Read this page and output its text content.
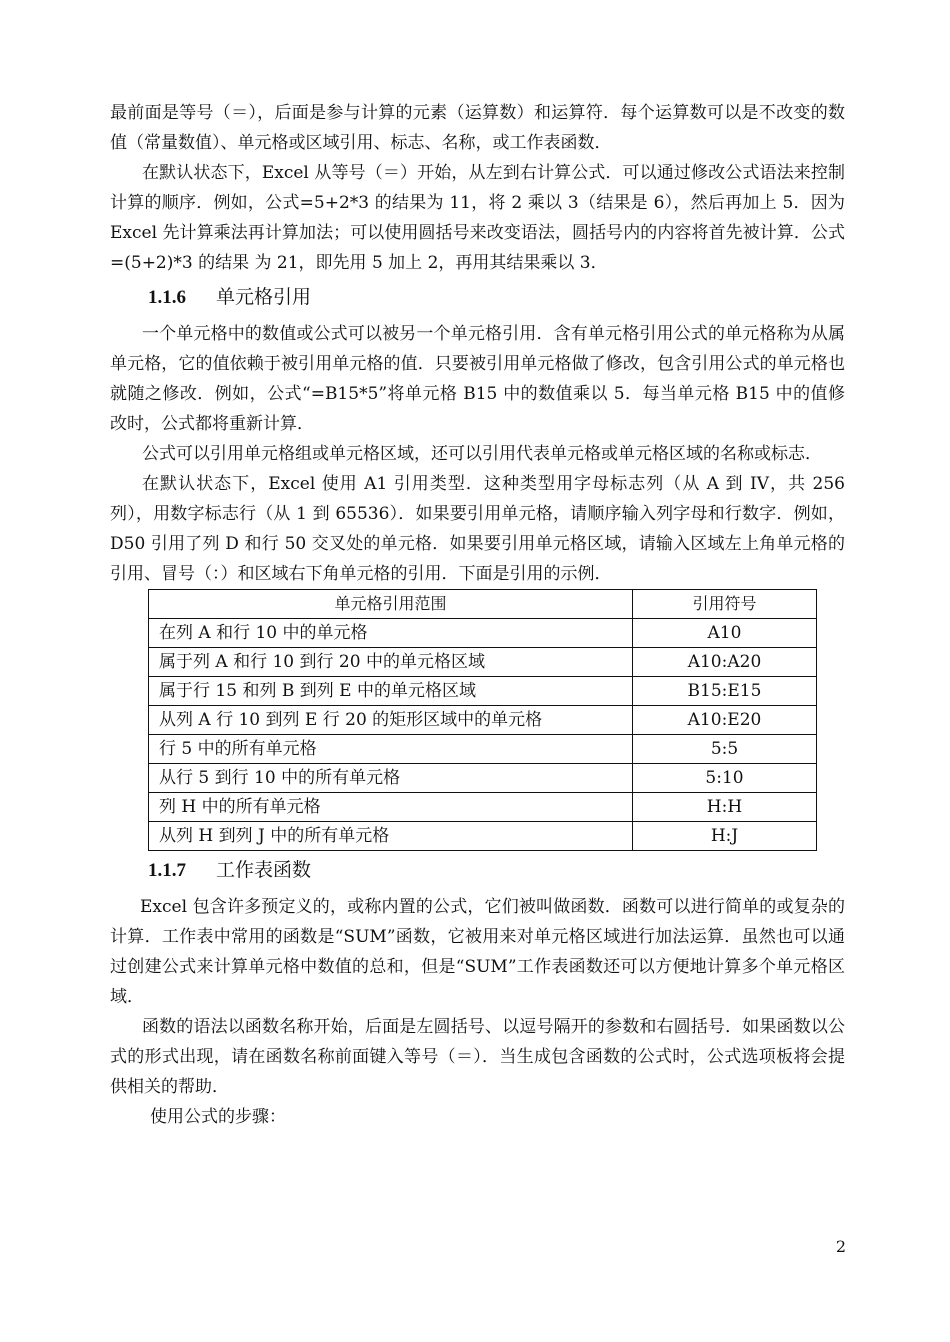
最前面是等号（＝），后面是参与计算的元素（运算数）和运算符．每个运算数可以是不改变的数值（常量数值）、单元格或区域引用、标志、名称，或工作表函数．

在默认状态下，Excel 从等号（＝）开始，从左到右计算公式．可以通过修改公式语法来控制计算的顺序．例如，公式=5+2*3 的结果为 11，将 2 乘以 3（结果是 6），然后再加上 5．因为 Excel 先计算乘法再计算加法；可以使用圆括号来改变语法，圆括号内的内容将首先被计算．公式=(5+2)*3 的结果 为 21，即先用 5 加上 2，再用其结果乘以 3．

1.1.6 单元格引用

一个单元格中的数值或公式可以被另一个单元格引用．含有单元格引用公式的单元格称为从属单元格，它的值依赖于被引用单元格的值．只要被引用单元格做了修改，包含引用公式的单元格也就随之修改．例如，公式“=B15*5”将单元格 B15 中的数值乘以 5．每当单元格 B15 中的值修改时，公式都将重新计算．

公式可以引用单元格组或单元格区域，还可以引用代表单元格或单元格区域的名称或标志．

在默认状态下，Excel 使用 A1 引用类型．这种类型用字母标志列（从 A 到 IV，共 256 列），用数字标志行（从 1 到 65536）．如果要引用单元格，请顺序输入列字母和行数字．例如，D50 引用了列 D 和行 50 交叉处的单元格．如果要引用单元格区域，请输入区域左上角单元格的引用、冒号（：）和区域右下角单元格的引用．下面是引用的示例．

单元格引用范围	引用符号
在列 A 和行 10 中的单元格	A10
属于列 A 和行 10 到行 20 中的单元格区域	A10:A20
属于行 15 和列 B 到列 E 中的单元格区域	B15:E15
从列 A 行 10 到列 E 行 20 的矩形区域中的单元格	A10:E20
行 5 中的所有单元格	5:5
从行 5 到行 10 中的所有单元格	5:10
列 H 中的所有单元格	H:H
从列 H 到列 J 中的所有单元格	H:J
1.1.7 工作表函数

Excel 包含许多预定义的，或称内置的公式，它们被叫做函数．函数可以进行简单的或复杂的计算．工作表中常用的函数是“SUM”函数，它被用来对单元格区域进行加法运算．虽然也可以通过创建公式来计算单元格中数值的总和，但是“SUM”工作表函数还可以方便地计算多个单元格区域．

函数的语法以函数名称开始，后面是左圆括号、以逗号隔开的参数和右圆括号．如果函数以公式的形式出现，请在函数名称前面键入等号（＝）．当生成包含函数的公式时，公式选项板将会提供相关的帮助．

使用公式的步骤：

2
